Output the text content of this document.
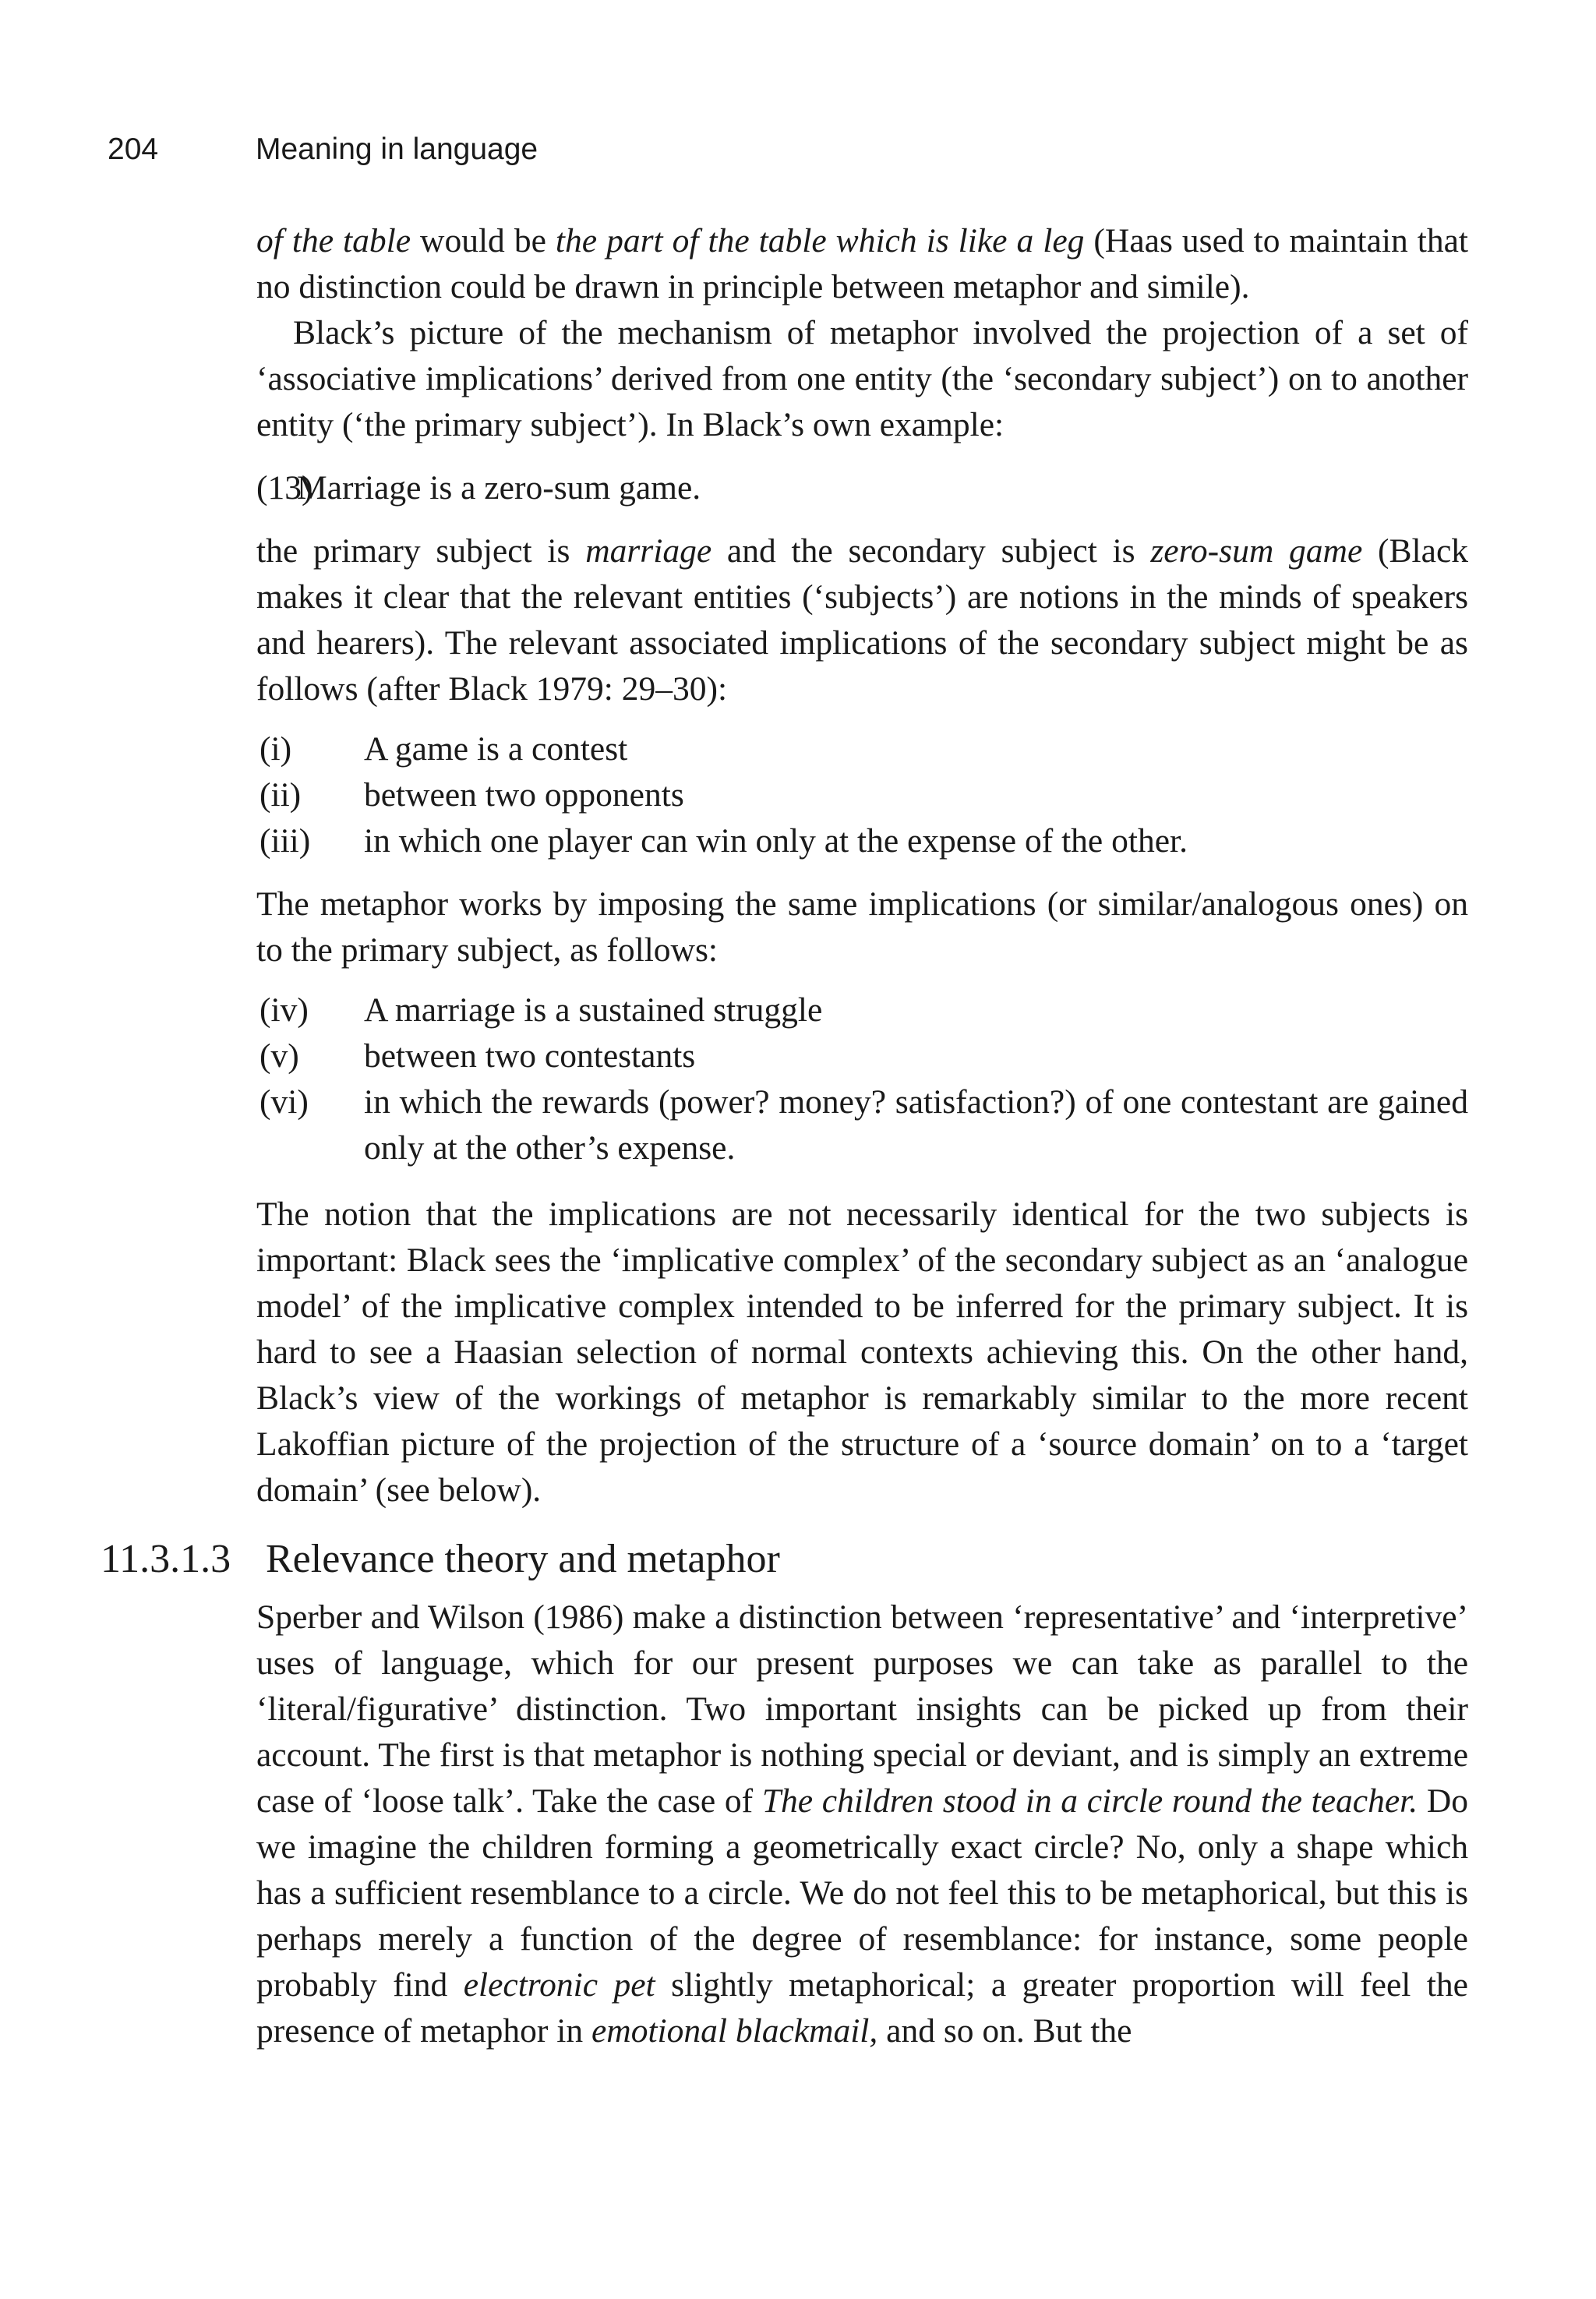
204	Meaning in language

of the table would be the part of the table which is like a leg (Haas used to maintain that no distinction could be drawn in principle between metaphor and simile).

Black’s picture of the mechanism of metaphor involved the projection of a set of ‘associative implications’ derived from one entity (the ‘secondary subject’) on to another entity (‘the primary subject’). In Black’s own example:

(13)
Marriage is a zero-sum game.

the primary subject is marriage and the secondary subject is zero-sum game (Black makes it clear that the relevant entities (‘subjects’) are notions in the minds of speakers and hearers). The relevant associated implications of the secondary subject might be as follows (after Black 1979: 29–30):

(i)	A game is a contest
(ii)	between two opponents
(iii)	in which one player can win only at the expense of the other.

The metaphor works by imposing the same implications (or similar/analogous ones) on to the primary subject, as follows:

(iv)	A marriage is a sustained struggle
(v)	between two contestants
(vi)	in which the rewards (power? money? satisfaction?) of one contestant are gained only at the other’s expense.

The notion that the implications are not necessarily identical for the two subjects is important: Black sees the ‘implicative complex’ of the secondary subject as an ‘analogue model’ of the implicative complex intended to be inferred for the primary subject. It is hard to see a Haasian selection of normal contexts achieving this. On the other hand, Black’s view of the workings of metaphor is remarkably similar to the more recent Lakoffian picture of the projection of the structure of a ‘source domain’ on to a ‘target domain’ (see below).

11.3.1.3 Relevance theory and metaphor

Sperber and Wilson (1986) make a distinction between ‘representative’ and ‘interpretive’ uses of language, which for our present purposes we can take as parallel to the ‘literal/figurative’ distinction. Two important insights can be picked up from their account. The first is that metaphor is nothing special or deviant, and is simply an extreme case of ‘loose talk’. Take the case of The children stood in a circle round the teacher. Do we imagine the children forming a geometrically exact circle? No, only a shape which has a sufficient resemblance to a circle. We do not feel this to be metaphorical, but this is perhaps merely a function of the degree of resemblance: for instance, some people probably find electronic pet slightly metaphorical; a greater proportion will feel the presence of metaphor in emotional blackmail, and so on. But the
